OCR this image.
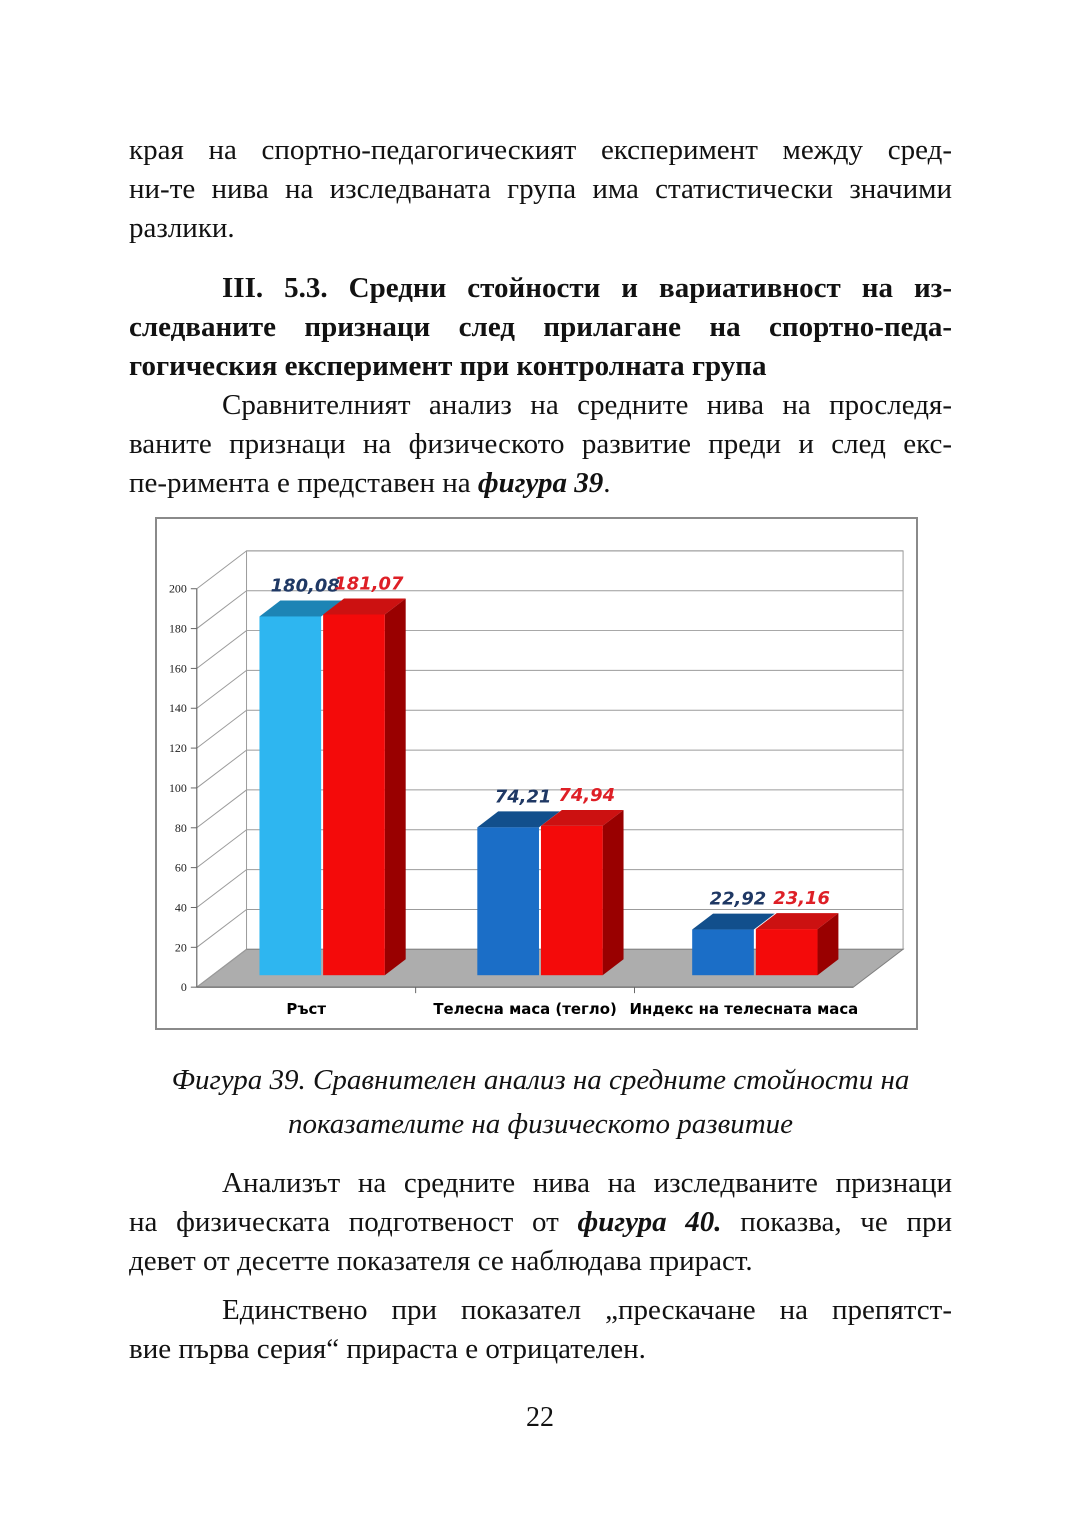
края на спортно-педагогическият експеримент между сред-
ни-те нива на изследваната група има статистически значими
разлики.

III. 5.3. Средни стойности и вариативност на из-
следваните признаци след прилагане на спортно-педа-
гогическия експеримент при контролната група

Сравнителният анализ на средните нива на проследя-
ваните признаци на физическото развитие преди и след екс-
пе-римента е представен на фигура 39.

0
20
40
60
80
100
120
140
160
180
200	180,08
181,07
Ръст
74,21 74,94
Телесна маса (тегло)
22,92 23,16
Индекс на телесната маса
Фигура 39. Сравнителен анализ на средните стойности на
показателите на физическото развитие

Анализът на средните нива на изследваните признаци
на физическата подготвеност от фигура 40. показва, че при
девет от десетте показателя се наблюдава прираст.

Единствено при показател „прескачане на препятст-
вие първа серия“ прираста е отрицателен.

22
